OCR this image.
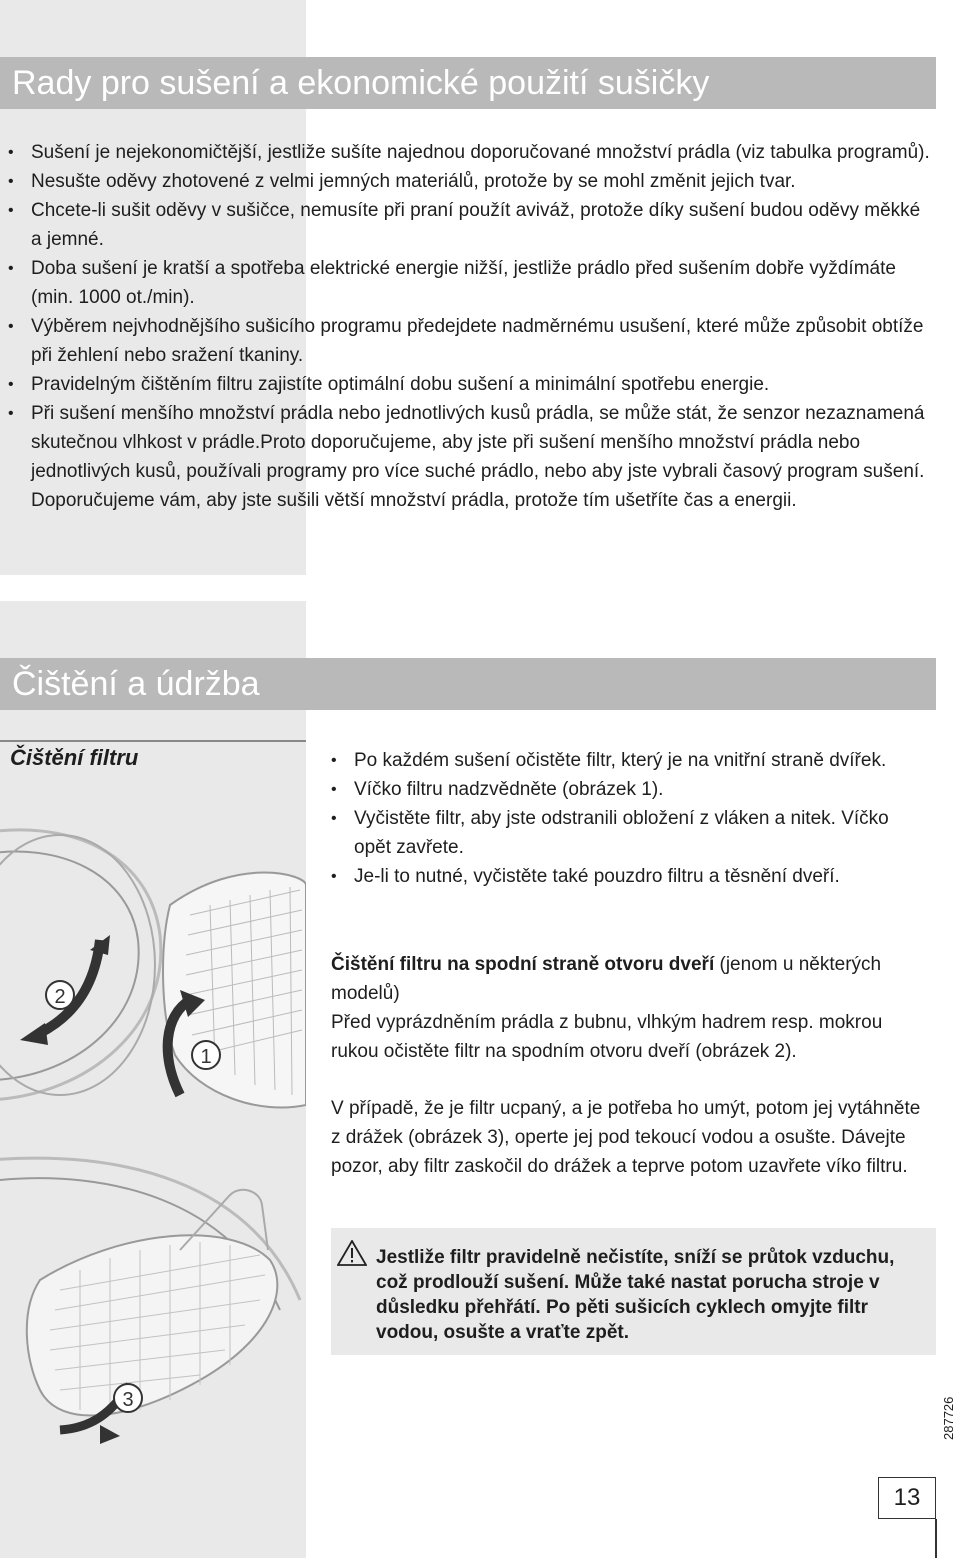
Rady pro sušení a ekonomické použití sušičky
• Sušení je nejekonomičtější, jestliže sušíte najednou doporučované množství prádla (viz tabulka programů).
• Nesušte oděvy zhotovené z velmi jemných materiálů, protože by se mohl změnit jejich tvar.
• Chcete-li sušit oděvy v sušičce, nemusíte při praní použít aviváž, protože díky sušení budou oděvy měkké a jemné.
• Doba sušení je kratší a spotřeba elektrické energie nižší, jestliže prádlo před sušením dobře vyždímáte (min. 1000 ot./min).
• Výběrem nejvhodnějšího sušicího programu předejdete nadměrnému usušení, které může způsobit obtíže při žehlení nebo sražení tkaniny.
• Pravidelným čištěním filtru zajistíte optimální dobu sušení a minimální spotřebu energie.
• Při sušení menšího množství prádla nebo jednotlivých kusů prádla, se může stát, že senzor nezaznamená skutečnou vlhkost v prádle.Proto doporučujeme, aby jste při sušení menšího množství prádla nebo jednotlivých kusů, používali programy pro více suché prádlo, nebo aby jste vybrali časový program sušení. Doporučujeme vám, aby jste sušili větší množství prádla, protože tím ušetříte čas a energii.
Čištění a údržba
Čištění filtru
2
1
3
• Po každém sušení očistěte filtr, který je na vnitřní straně dvířek.
• Víčko filtru nadzvědněte (obrázek 1).
• Vyčistěte filtr, aby jste odstranili obložení z vláken a nitek. Víčko opět zavřete.
• Je-li to nutné, vyčistěte také pouzdro filtru a těsnění dveří.

Čištění filtru na spodní straně otvoru dveří (jenom u některých modelů)
Před vyprázdněním prádla z bubnu, vlhkým hadrem resp. mokrou rukou očistěte filtr na spodním otvoru dveří (obrázek 2).

V případě, že je filtr ucpaný, a je potřeba ho umýt, potom jej vytáhněte z drážek (obrázek 3), operte jej pod tekoucí vodou a osušte. Dávejte pozor, aby filtr zaskočil do drážek a teprve potom uzavřete víko filtru.

Jestliže filtr pravidelně nečistíte, sníží se průtok vzduchu, což prodlouží sušení. Může také nastat porucha stroje v důsledku přehřátí. Po pěti sušicích cyklech omyjte filtr vodou, osušte a vraťte zpět.
287726
13
